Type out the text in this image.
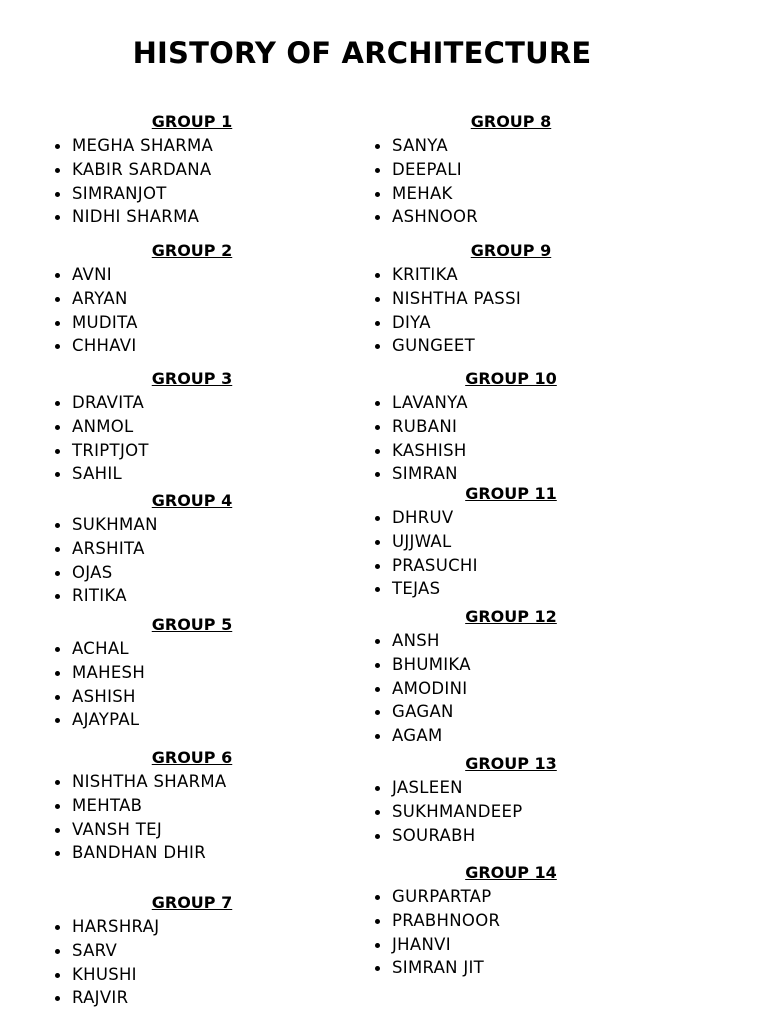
HISTORY OF ARCHITECTURE
GROUP 1
MEGHA SHARMA
KABIR SARDANA
SIMRANJOT
NIDHI SHARMA
GROUP 2
AVNI
ARYAN
MUDITA
CHHAVI
GROUP 3
DRAVITA
ANMOL
TRIPTJOT
SAHIL
GROUP 4
SUKHMAN
ARSHITA
OJAS
RITIKA
GROUP 5
ACHAL
MAHESH
ASHISH
AJAYPAL
GROUP 6
NISHTHA SHARMA
MEHTAB
VANSH TEJ
BANDHAN DHIR
GROUP 7
HARSHRAJ
SARV
KHUSHI
RAJVIR
GROUP 8
SANYA
DEEPALI
MEHAK
ASHNOOR
GROUP 9
KRITIKA
NISHTHA PASSI
DIYA
GUNGEET
GROUP 10
LAVANYA
RUBANI
KASHISH
SIMRAN
GROUP 11
DHRUV
UJJWAL
PRASUCHI
TEJAS
GROUP 12
ANSH
BHUMIKA
AMODINI
GAGAN
AGAM
GROUP 13
JASLEEN
SUKHMANDEEP
SOURABH
GROUP 14
GURPARTAP
PRABHNOOR
JHANVI
SIMRAN JIT
